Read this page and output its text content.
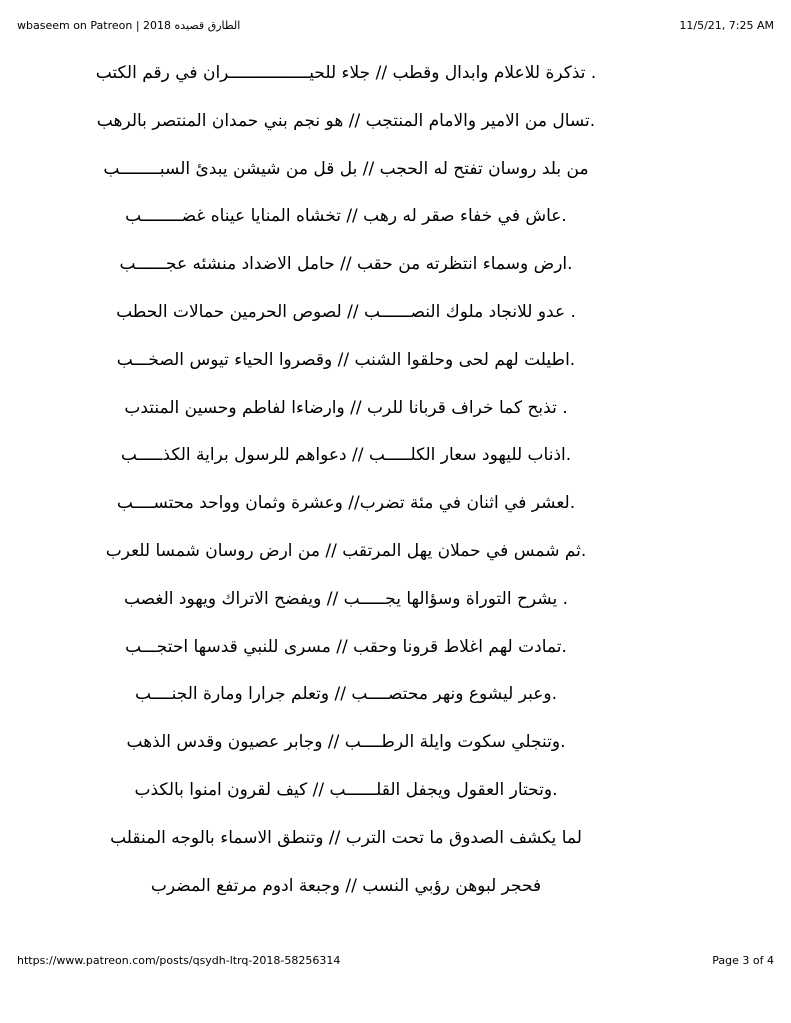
wbaseem on Patreon | 2018 قصيده‎ الطارق	11/5/21, 7:25 AM
. تذكرة للاعلام وابدال وقطب // جلاء للحيــــــــــــــــران في رقم الكتب
.تسال من الامير والامام المنتجب // هو نجم بني حمدان المنتصر بالرهب
من بلد روسان تفتح له الحجب // بل قل من شيشن يبدئ السبــــــــب
.عاش في خفاء صقر له رهب // تخشاه المنايا عيناه غضــــــــب
.ارض وسماء انتظرته من حقب // حامل الاضداد منشئه عجــــــب
. عدو للانجاد ملوك النصــــــب // لصوص الحرمين حمالات الحطب
.اطيلت لهم لحى وحلقوا الشنب // وقصروا الحياء تيوس الصخـــب
. تذبح كما خراف قربانا للرب // وارضاءا لفاطم وحسين المنتدب
.اذناب لليهود سعار الكلـــــب // دعواهم للرسول براية الكذـــــب
.لعشر في اثنان في مئة تضرب// وعشرة وثمان وواحد محتســــب
.ثم شمس في حملان يهل المرتقب // من ارض روسان شمسا للعرب
. يشرح التوراة وسؤالها يجـــــب // ويفضح الاتراك ويهود الغصب
.تمادت لهم اغلاط قرونا وحقب // مسرى للنبي قدسها احتجـــب
.وعبر ليشوع ونهر محتصــــب // وتعلم جرارا ومارة الجنــــب
.وتنجلي سكوت وايلة الرطــــب // وجابر عصيون وقدس الذهب
.وتحتار العقول ويجفل القلــــــب // كيف لقرون امنوا بالكذب
لما يكشف الصدوق ما تحت الترب // وتنطق الاسماء بالوجه المنقلب
فحجر لبوهن رؤبي النسب // وجبعة ادوم مرتفع المضرب
https://www.patreon.com/posts/qsydh-ltrq-2018-58256314	Page 3 of 4
